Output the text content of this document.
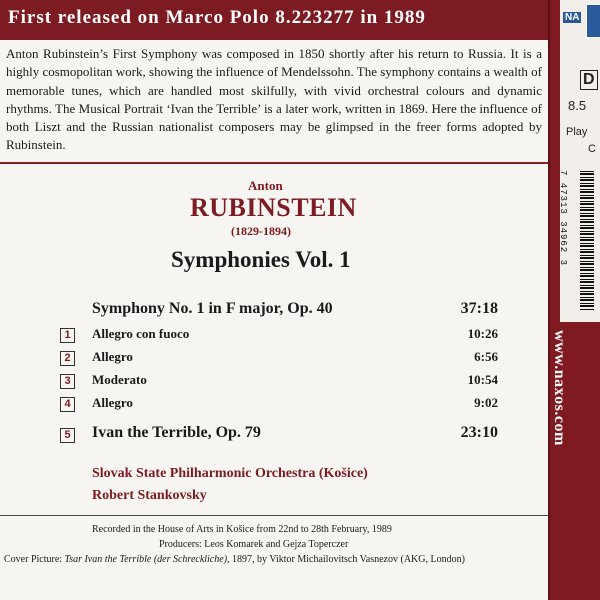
First released on Marco Polo 8.223277 in 1989

Anton Rubinstein’s First Symphony was composed in 1850 shortly after his return to Russia. It is a highly cosmopolitan work, showing the influence of Mendelssohn. The symphony contains a wealth of memorable tunes, which are handled most skilfully, with vivid orchestral colours and dynamic rhythms. The Musical Portrait ‘Ivan the Terrible’ is a later work, written in 1869. Here the influence of both Liszt and the Russian nationalist composers may be glimpsed in the freer forms adopted by Rubinstein.

Anton
RUBINSTEIN
(1829-1894)
Symphonies Vol. 1
Symphony No. 1 in F major, Op. 40	37:18
1	Allegro con fuoco	10:26
2	Allegro	6:56
3	Moderato	10:54
4	Allegro	9:02
5 Ivan the Terrible, Op. 79	23:10
Slovak State Philharmonic Orchestra (Košice)
Robert Stankovsky
Recorded in the House of Arts in Košice from 22nd to 28th February, 1989
Producers: Leos Komarek and Gejza Toperczer
Cover Picture: Tsar Ivan the Terrible (der Schreckliche), 1897, by Viktor Michailovitsch Vasnezov (AKG, London)
NA
D
8.5
Play
C
7 47313 34962 3
www.naxos.com
